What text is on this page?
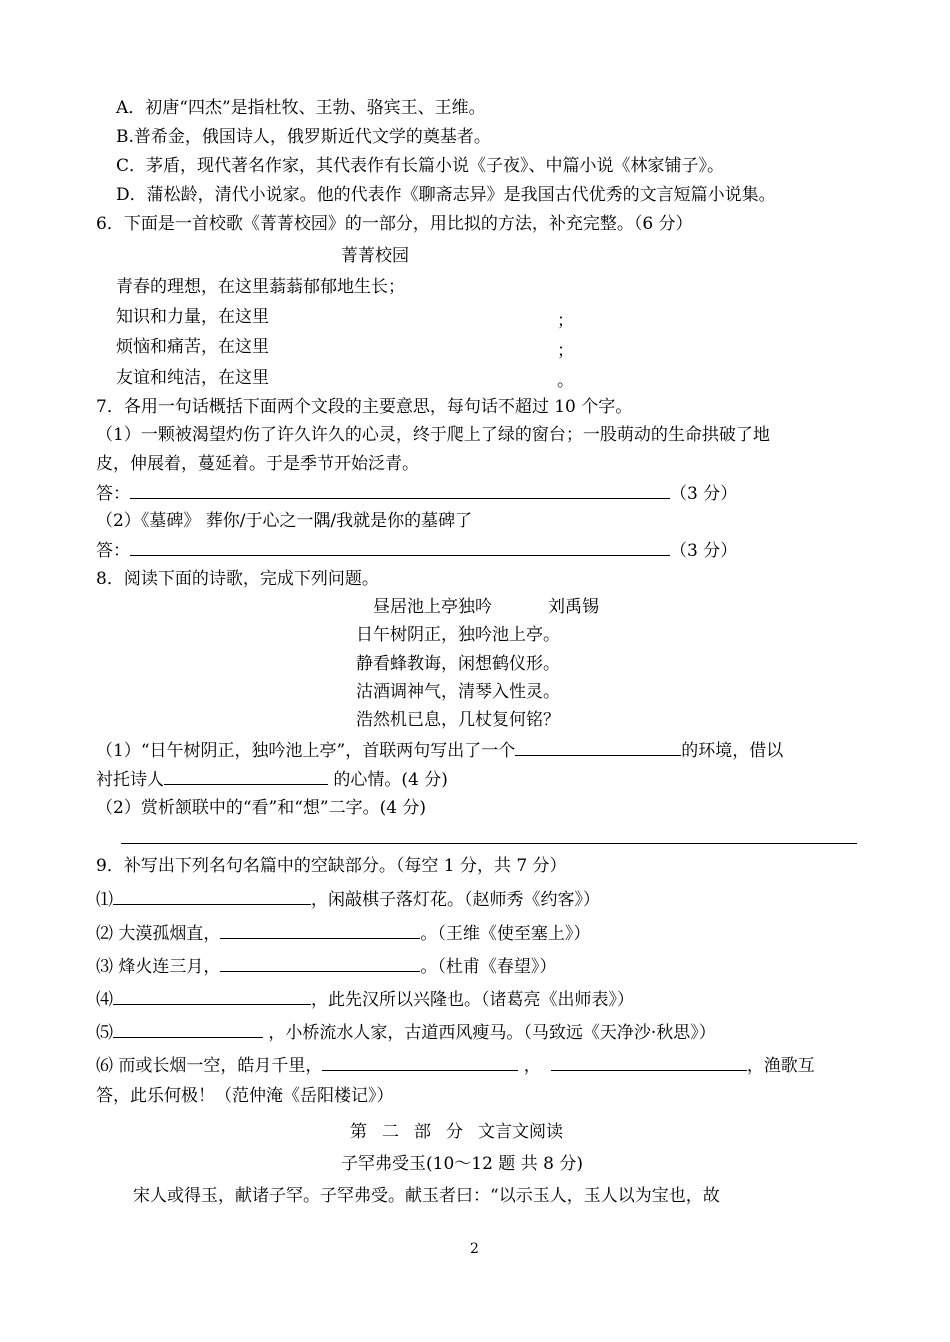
A．初唐“四杰”是指杜牧、王勃、骆宾王、王维。
B.普希金，俄国诗人，俄罗斯近代文学的奠基者。
C．茅盾，现代著名作家，其代表作有长篇小说《子夜》、中篇小说《林家铺子》。
D．蒲松龄，清代小说家。他的代表作《聊斋志异》是我国古代优秀的文言短篇小说集。
6．下面是一首校歌《菁菁校园》的一部分，用比拟的方法，补充完整。（6 分）
菁菁校园
青春的理想，在这里蓊蓊郁郁地生长；
知识和力量，在这里	；
烦恼和痛苦，在这里	；
友谊和纯洁，在这里	。
7．各用一句话概括下面两个文段的主要意思，每句话不超过 10 个字。
（1）一颗被渴望灼伤了许久许久的心灵，终于爬上了绿的窗台；一股萌动的生命拱破了地
皮，伸展着，蔓延着。于是季节开始泛青。
答：	（3 分）
（2）《墓碑》 葬你/于心之一隅/我就是你的墓碑了
答：	（3 分）
8．阅读下面的诗歌，完成下列问题。
昼居池上亭独吟	刘禹锡
日午树阴正，独吟池上亭。
静看蜂教诲，闲想鹤仪形。
沽酒调神气，清琴入性灵。
浩然机已息，几杖复何铭？
（1）“日午树阴正，独吟池上亭”，首联两句写出了一个	的环境，借以
衬托诗人	的心情。(4 分)
（2）赏析颔联中的“看”和“想”二字。(4 分)
9．补写出下列名句名篇中的空缺部分。（每空 1 分，共 7 分）
⑴	，闲敲棋子落灯花。（赵师秀《约客》）
⑵ 大漠孤烟直，	。（王维《使至塞上》）
⑶ 烽火连三月，	。（杜甫《春望》）
⑷	，此先汉所以兴隆也。（诸葛亮《出师表》）
⑸	，小桥流水人家，古道西风瘦马。（马致远《天净沙·秋思》）
⑹ 而或长烟一空，皓月千里，	，	，渔歌互
答，此乐何极！（范仲淹《岳阳楼记》）
第二部分文言文阅读
子罕弗受玉(10～12 题 共 8 分)
宋人或得玉，献诸子罕。子罕弗受。献玉者曰：“以示玉人，玉人以为宝也，故
2
